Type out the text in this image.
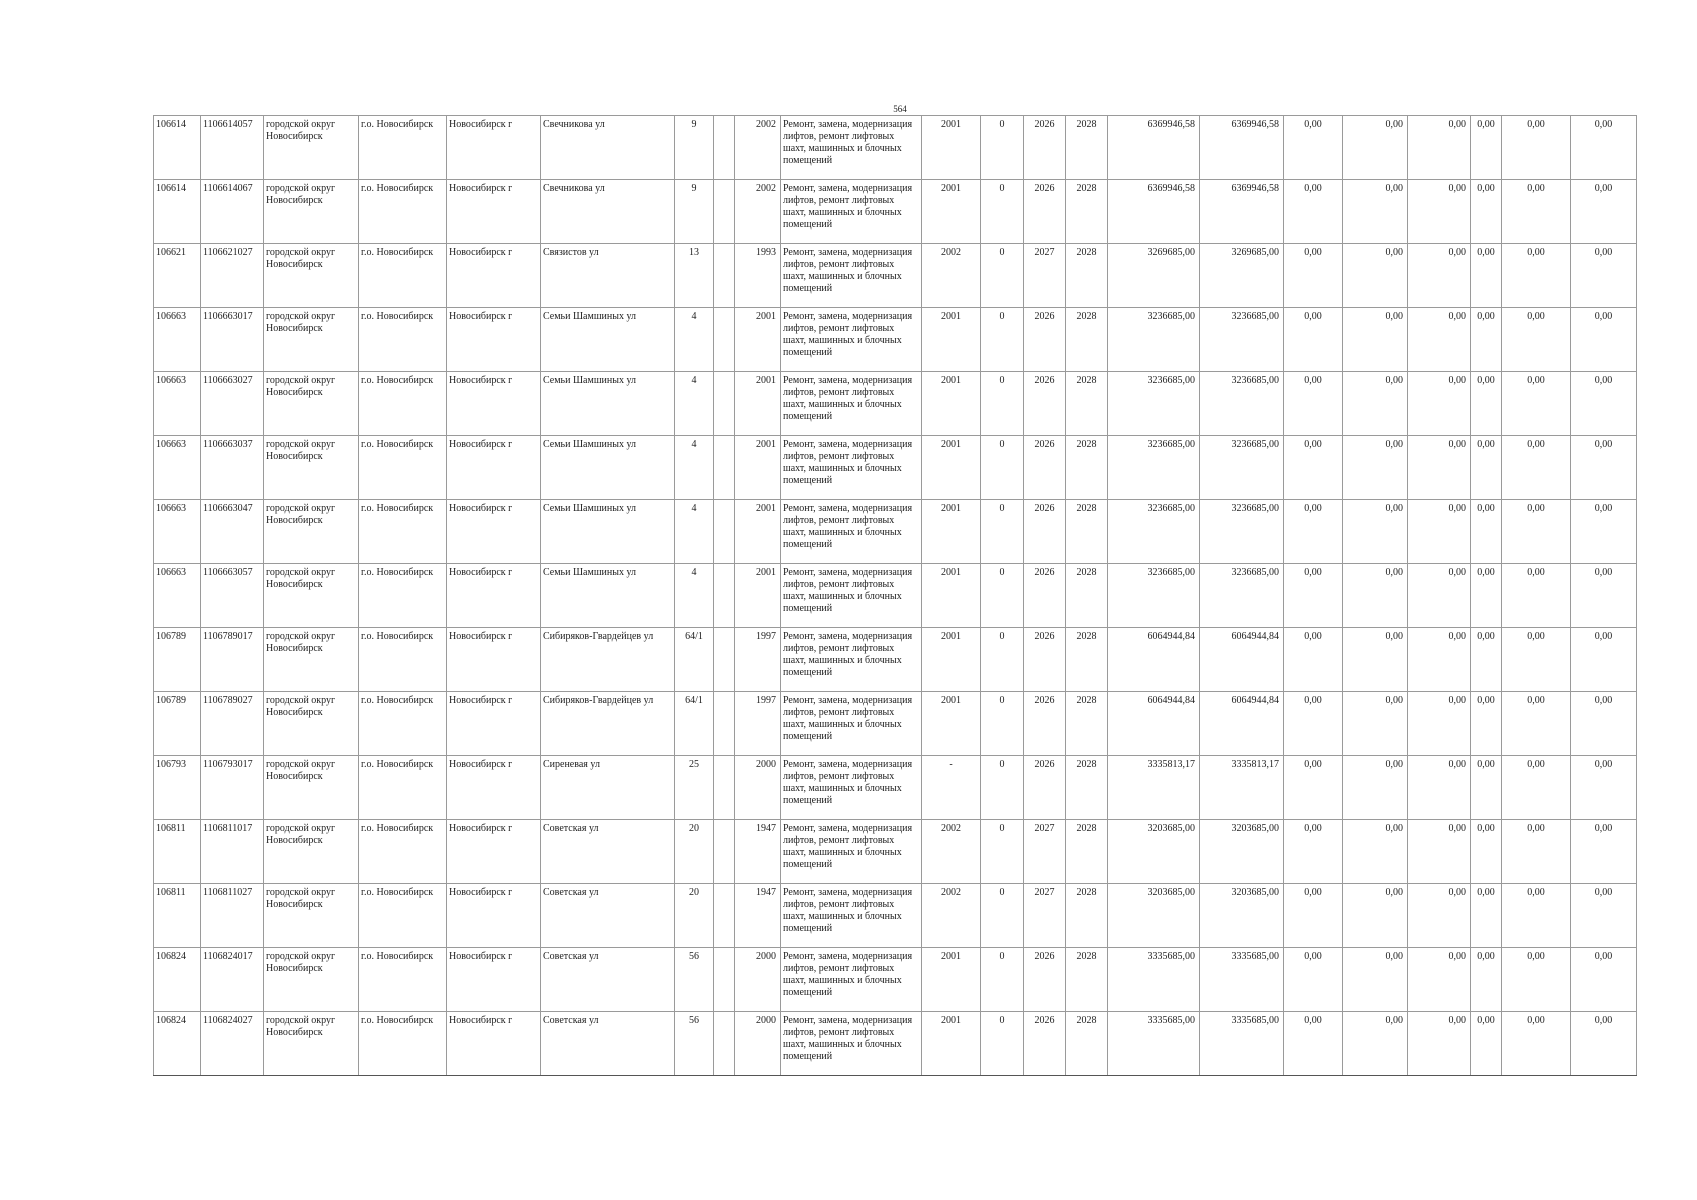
564
106614	1106614057	городской округ Новосибирск	г.о. Новосибирск	Новосибирск г	Свечникова ул	9		2002	Ремонт, замена, модернизация лифтов, ремонт лифтовых шахт, машинных и блочных помещений	2001	0	2026	2028	6369946,58	6369946,58	0,00	0,00	0,00	0,00	0,00	0,00
106614	1106614067	городской округ Новосибирск	г.о. Новосибирск	Новосибирск г	Свечникова ул	9		2002	Ремонт, замена, модернизация лифтов, ремонт лифтовых шахт, машинных и блочных помещений	2001	0	2026	2028	6369946,58	6369946,58	0,00	0,00	0,00	0,00	0,00	0,00
106621	1106621027	городской округ Новосибирск	г.о. Новосибирск	Новосибирск г	Связистов ул	13		1993	Ремонт, замена, модернизация лифтов, ремонт лифтовых шахт, машинных и блочных помещений	2002	0	2027	2028	3269685,00	3269685,00	0,00	0,00	0,00	0,00	0,00	0,00
106663	1106663017	городской округ Новосибирск	г.о. Новосибирск	Новосибирск г	Семьи Шамшиных ул	4		2001	Ремонт, замена, модернизация лифтов, ремонт лифтовых шахт, машинных и блочных помещений	2001	0	2026	2028	3236685,00	3236685,00	0,00	0,00	0,00	0,00	0,00	0,00
106663	1106663027	городской округ Новосибирск	г.о. Новосибирск	Новосибирск г	Семьи Шамшиных ул	4		2001	Ремонт, замена, модернизация лифтов, ремонт лифтовых шахт, машинных и блочных помещений	2001	0	2026	2028	3236685,00	3236685,00	0,00	0,00	0,00	0,00	0,00	0,00
106663	1106663037	городской округ Новосибирск	г.о. Новосибирск	Новосибирск г	Семьи Шамшиных ул	4		2001	Ремонт, замена, модернизация лифтов, ремонт лифтовых шахт, машинных и блочных помещений	2001	0	2026	2028	3236685,00	3236685,00	0,00	0,00	0,00	0,00	0,00	0,00
106663	1106663047	городской округ Новосибирск	г.о. Новосибирск	Новосибирск г	Семьи Шамшиных ул	4		2001	Ремонт, замена, модернизация лифтов, ремонт лифтовых шахт, машинных и блочных помещений	2001	0	2026	2028	3236685,00	3236685,00	0,00	0,00	0,00	0,00	0,00	0,00
106663	1106663057	городской округ Новосибирск	г.о. Новосибирск	Новосибирск г	Семьи Шамшиных ул	4		2001	Ремонт, замена, модернизация лифтов, ремонт лифтовых шахт, машинных и блочных помещений	2001	0	2026	2028	3236685,00	3236685,00	0,00	0,00	0,00	0,00	0,00	0,00
106789	1106789017	городской округ Новосибирск	г.о. Новосибирск	Новосибирск г	Сибиряков-Гвардейцев ул	64/1		1997	Ремонт, замена, модернизация лифтов, ремонт лифтовых шахт, машинных и блочных помещений	2001	0	2026	2028	6064944,84	6064944,84	0,00	0,00	0,00	0,00	0,00	0,00
106789	1106789027	городской округ Новосибирск	г.о. Новосибирск	Новосибирск г	Сибиряков-Гвардейцев ул	64/1		1997	Ремонт, замена, модернизация лифтов, ремонт лифтовых шахт, машинных и блочных помещений	2001	0	2026	2028	6064944,84	6064944,84	0,00	0,00	0,00	0,00	0,00	0,00
106793	1106793017	городской округ Новосибирск	г.о. Новосибирск	Новосибирск г	Сиреневая ул	25		2000	Ремонт, замена, модернизация лифтов, ремонт лифтовых шахт, машинных и блочных помещений	-	0	2026	2028	3335813,17	3335813,17	0,00	0,00	0,00	0,00	0,00	0,00
106811	1106811017	городской округ Новосибирск	г.о. Новосибирск	Новосибирск г	Советская ул	20		1947	Ремонт, замена, модернизация лифтов, ремонт лифтовых шахт, машинных и блочных помещений	2002	0	2027	2028	3203685,00	3203685,00	0,00	0,00	0,00	0,00	0,00	0,00
106811	1106811027	городской округ Новосибирск	г.о. Новосибирск	Новосибирск г	Советская ул	20		1947	Ремонт, замена, модернизация лифтов, ремонт лифтовых шахт, машинных и блочных помещений	2002	0	2027	2028	3203685,00	3203685,00	0,00	0,00	0,00	0,00	0,00	0,00
106824	1106824017	городской округ Новосибирск	г.о. Новосибирск	Новосибирск г	Советская ул	56		2000	Ремонт, замена, модернизация лифтов, ремонт лифтовых шахт, машинных и блочных помещений	2001	0	2026	2028	3335685,00	3335685,00	0,00	0,00	0,00	0,00	0,00	0,00
106824	1106824027	городской округ Новосибирск	г.о. Новосибирск	Новосибирск г	Советская ул	56		2000	Ремонт, замена, модернизация лифтов, ремонт лифтовых шахт, машинных и блочных помещений	2001	0	2026	2028	3335685,00	3335685,00	0,00	0,00	0,00	0,00	0,00	0,00
